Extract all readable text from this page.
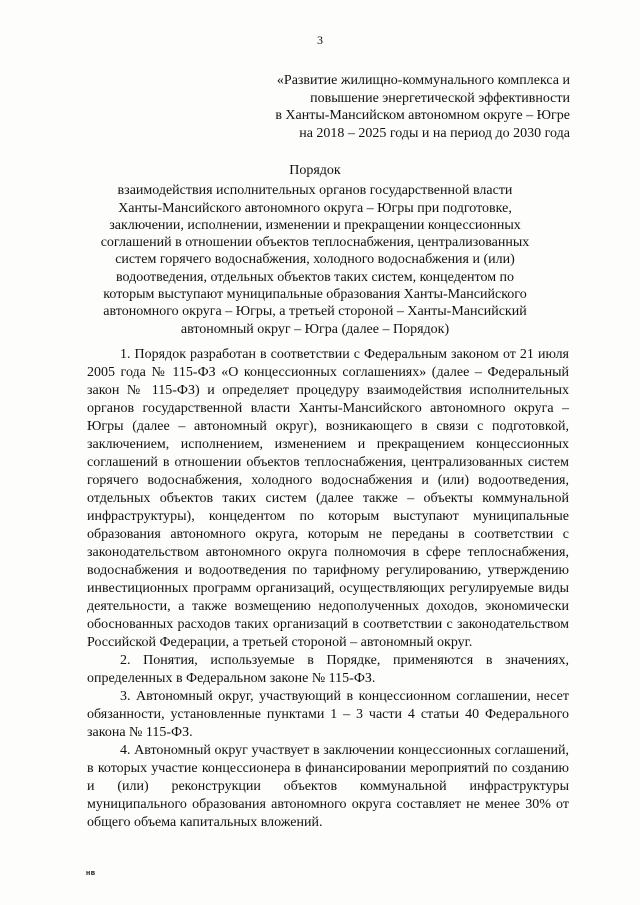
3
«Развитие жилищно-коммунального комплекса и
повышение энергетической эффективности
в Ханты-Мансийском автономном округе – Югре
на 2018 – 2025 годы и на период до 2030 года
Порядок
взаимодействия исполнительных органов государственной власти
Ханты-Мансийского автономного округа – Югры при подготовке,
заключении, исполнении, изменении и прекращении концессионных
соглашений в отношении объектов теплоснабжения, централизованных
систем горячего водоснабжения, холодного водоснабжения и (или)
водоотведения, отдельных объектов таких систем, концедентом по
которым выступают муниципальные образования Ханты-Мансийского
автономного округа – Югры, а третьей стороной – Ханты-Мансийский
автономный округ – Югра (далее – Порядок)

1. Порядок разработан в соответствии с Федеральным законом от 21 июля 2005 года № 115-ФЗ «О концессионных соглашениях» (далее – Федеральный закон № 115-ФЗ) и определяет процедуру взаимодействия исполнительных органов государственной власти Ханты-Мансийского автономного округа – Югры (далее – автономный округ), возникающего в связи с подготовкой, заключением, исполнением, изменением и прекращением концессионных соглашений в отношении объектов теплоснабжения, централизованных систем горячего водоснабжения, холодного водоснабжения и (или) водоотведения, отдельных объектов таких систем (далее также – объекты коммунальной инфраструктуры), концедентом по которым выступают муниципальные образования автономного округа, которым не переданы в соответствии с законодательством автономного округа полномочия в сфере теплоснабжения, водоснабжения и водоотведения по тарифному регулированию, утверждению инвестиционных программ организаций, осуществляющих регулируемые виды деятельности, а также возмещению недополученных доходов, экономически обоснованных расходов таких организаций в соответствии с законодательством Российской Федерации, а третьей стороной – автономный округ.

2. Понятия, используемые в Порядке, применяются в значениях, определенных в Федеральном законе № 115-ФЗ.

3. Автономный округ, участвующий в концессионном соглашении, несет обязанности, установленные пунктами 1 – 3 части 4 статьи 40 Федерального закона № 115-ФЗ.

4. Автономный округ участвует в заключении концессионных соглашений, в которых участие концессионера в финансировании мероприятий по созданию и (или) реконструкции объектов коммунальной инфраструктуры муниципального образования автономного округа составляет не менее 30% от общего объема капитальных вложений.

нв
